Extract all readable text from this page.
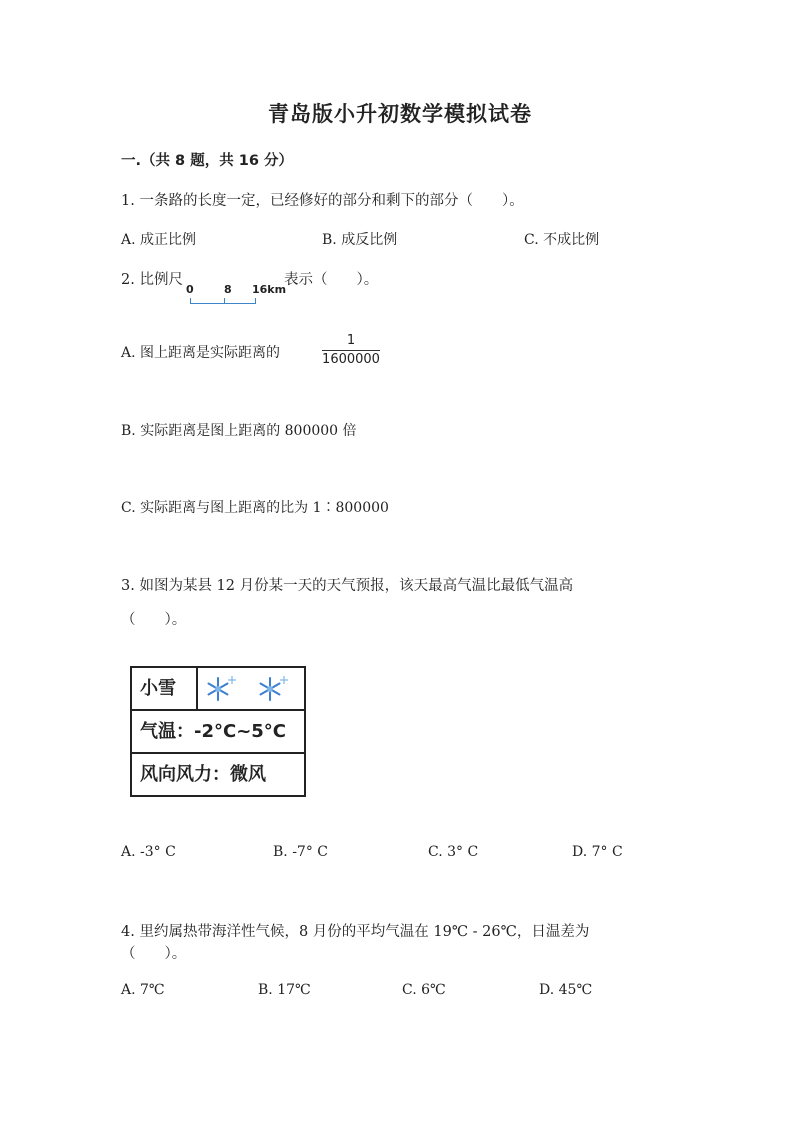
青岛版小升初数学模拟试卷
一.（共 8 题，共 16 分）
1. 一条路的长度一定，已经修好的部分和剩下的部分（　　）。
A. 成正比例	B. 成反比例	C. 不成比例
2. 比例尺
0	8 16km
表示（　　）。
A. 图上距离是实际距离的
1
1600000
B. 实际距离是图上距离的 800000 倍
C. 实际距离与图上距离的比为 1∶800000
3. 如图为某县 12 月份某一天的天气预报，该天最高气温比最低气温高
（　　）。
小雪
气温：-2°C~5°C
风向风力：微风
A. -3° C	B. -7° C	C. 3° C	D. 7° C
4. 里约属热带海洋性气候，8 月份的平均气温在 19℃ - 26℃，日温差为
（　　）。
A. 7℃	B. 17℃	C. 6℃	D. 45℃
